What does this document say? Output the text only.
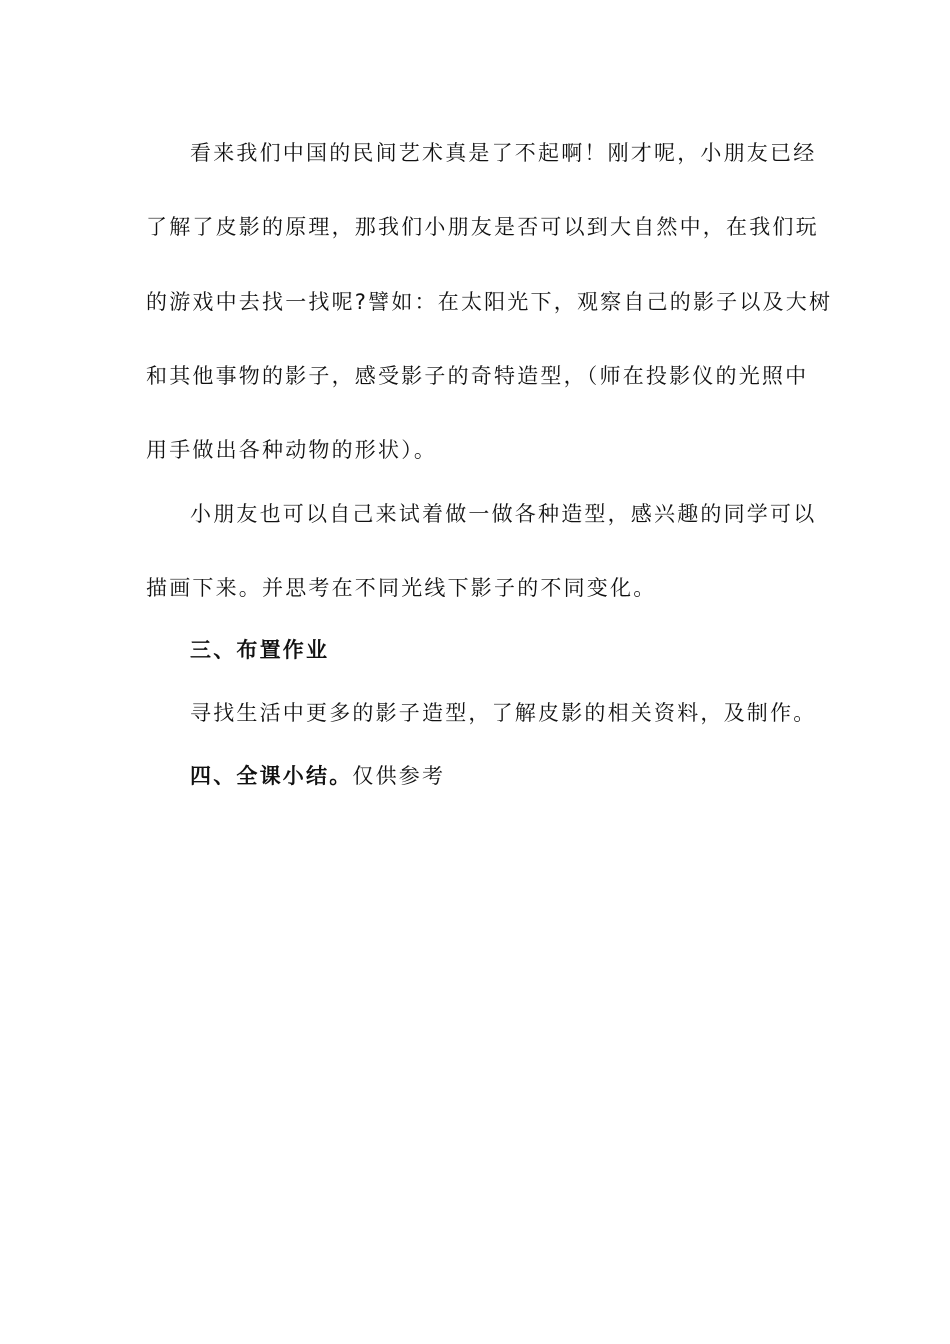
看来我们中国的民间艺术真是了不起啊！刚才呢，小朋友已经
了解了皮影的原理，那我们小朋友是否可以到大自然中，在我们玩
的游戏中去找一找呢?譬如：在太阳光下，观察自己的影子以及大树
和其他事物的影子，感受影子的奇特造型，（师在投影仪的光照中
用手做出各种动物的形状）。
小朋友也可以自己来试着做一做各种造型，感兴趣的同学可以
描画下来。并思考在不同光线下影子的不同变化。
三、布置作业
寻找生活中更多的影子造型，了解皮影的相关资料，及制作。
四、全课小结。仅供参考
